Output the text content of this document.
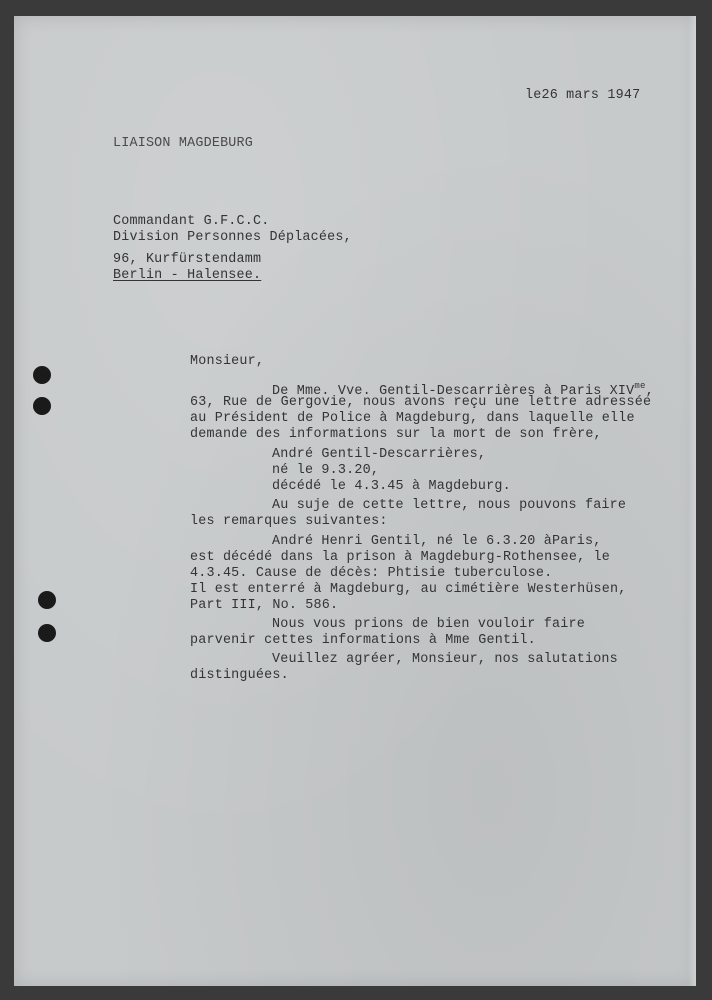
le26 mars 1947

LIAISON MAGDEBURG

Commandant G.F.C.C.

Division Personnes Déplacées,

96, Kurfürstendamm

Berlin - Halensee.

Monsieur,

De Mme. Vve. Gentil-Descarrières à Paris $XIV^{me}$,

63, Rue de Gergovie, nous avons reçu une lettre adressée

au Président de Police à Magdeburg, dans laquelle elle

demande des informations sur la mort de son frère,

André Gentil-Descarrières,

né le 9.3.20,

décédé le 4.3.45 à Magdeburg.

Au suje de cette lettre, nous pouvons faire

les remarques suivantes:

André Henri Gentil, né le 6.3.20 àParis,

est décédé dans la prison à Magdeburg-Rothensee, le

4.3.45. Cause de décès: Phtisie tuberculose.

Il est enterré à Magdeburg, au cimétière Westerhüsen,

Part III, No. 586.

Nous vous prions de bien vouloir faire

parvenir cettes informations à Mme Gentil.

Veuillez agréer, Monsieur, nos salutations

distinguées.
